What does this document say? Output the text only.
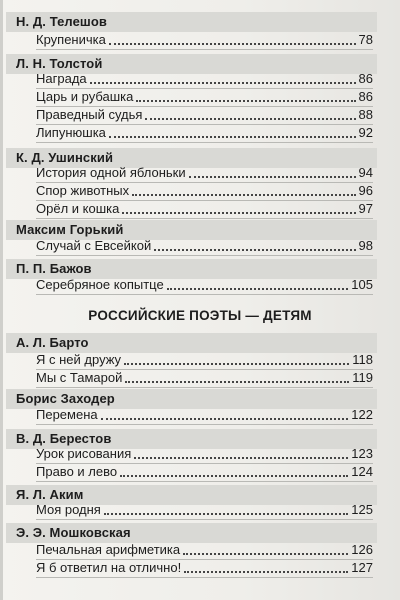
Н. Д. Телешов
Крупеничка	78
Л. Н. Толстой
Награда	86
Царь и рубашка	86
Праведный судья	88
Липунюшка	92
К. Д. Ушинский
История одной яблоньки	94
Спор животных	96
Орёл и кошка	97
Максим Горький
Случай с Евсейкой	98
П. П. Бажов
Серебряное копытце	105
РОССИЙСКИЕ ПОЭТЫ — ДЕТЯМ
А. Л. Барто
Я с ней дружу	118
Мы с Тамарой	119
Борис Заходер
Перемена	122
В. Д. Берестов
Урок рисования	123
Право и лево	124
Я. Л. Аким
Моя родня	125
Э. Э. Мошковская
Печальная арифметика	126
Я б ответил на отлично!	127
